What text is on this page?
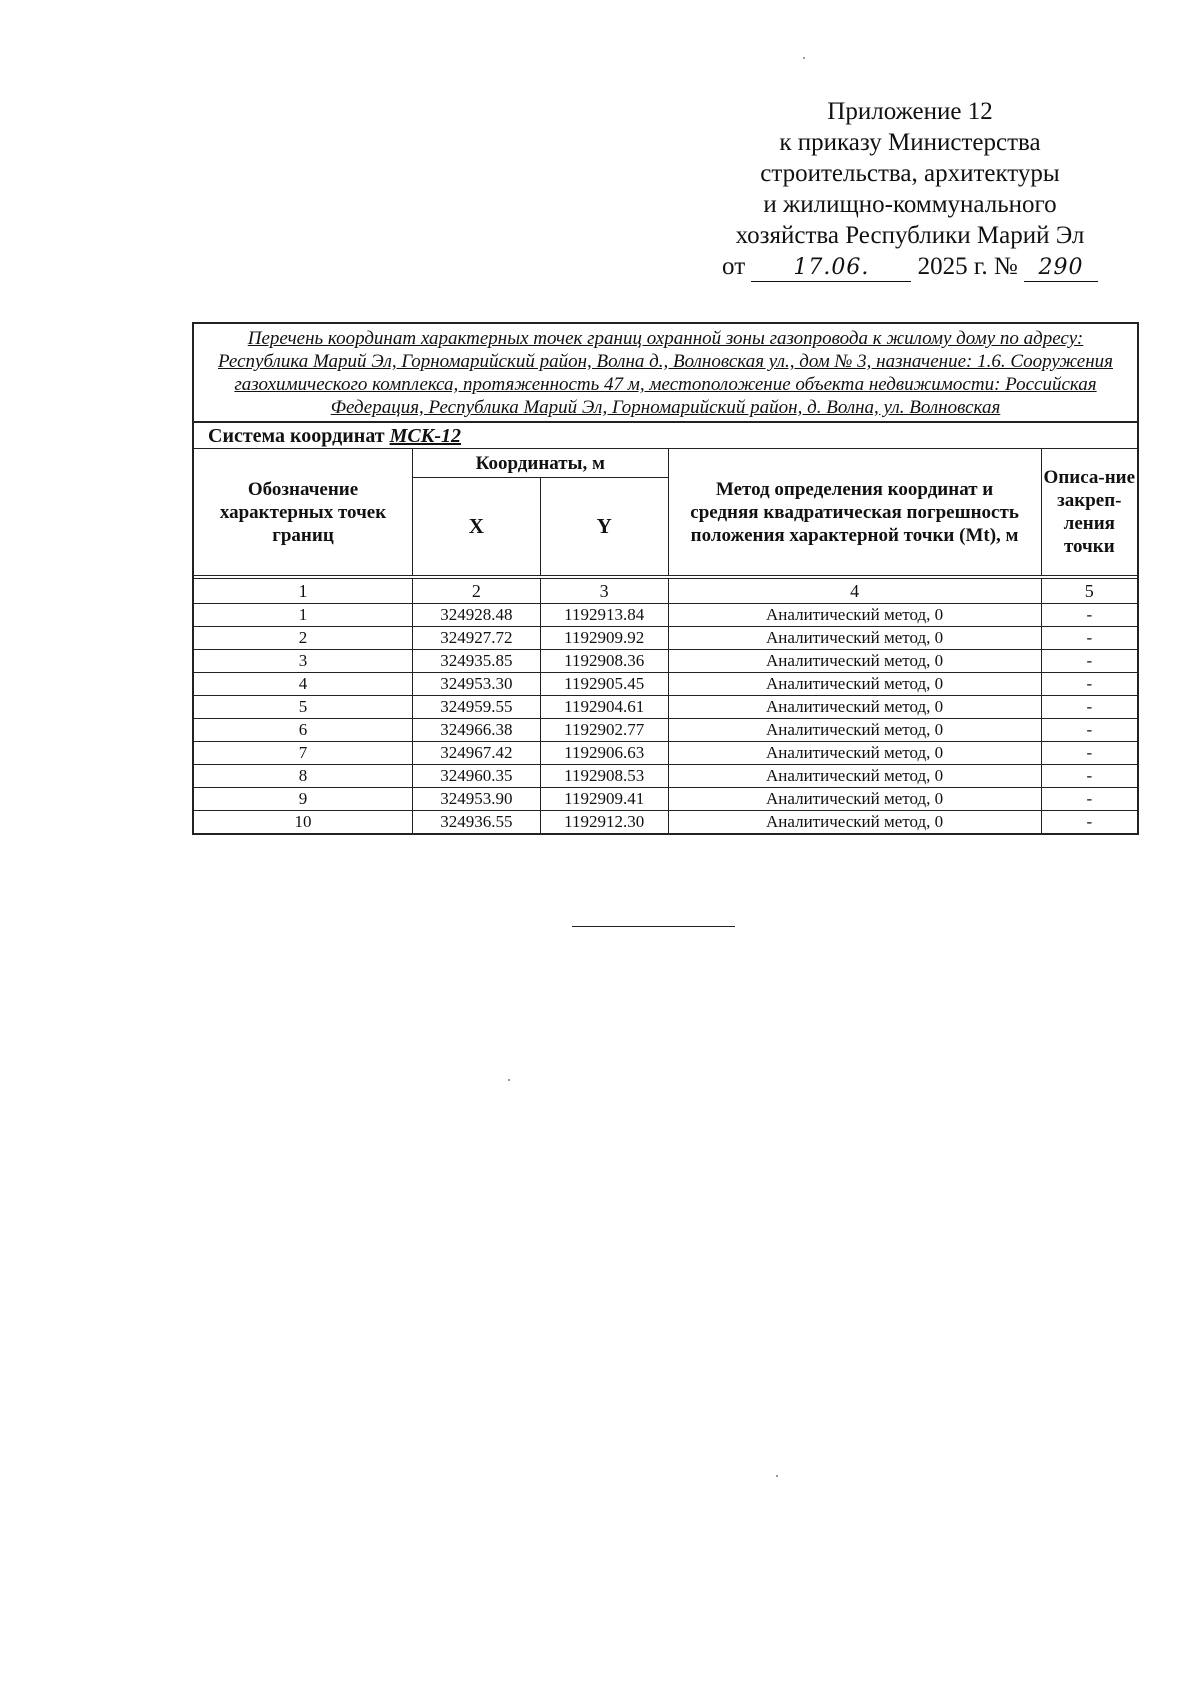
Приложение 12
к приказу Министерства
строительства, архитектуры
и жилищно-коммунального
хозяйства Республики Марий Эл
от 17.06. 2025 г. № 290
Перечень координат характерных точек границ охранной зоны газопровода к жилому дому по адресу: Республика Марий Эл, Горномарийский район, Волна д., Волновская ул., дом № 3, назначение: 1.6. Сооружения газохимического комплекса, протяженность 47 м, местоположение объекта недвижимости: Российская Федерация, Республика Марий Эл, Горномарийский район, д. Волна, ул. Волновская				
Система координат МСК-12				
Обозначение характерных точек границ	Координаты, м		Метод определения координат и средняя квадратическая погрешность положения характерной точки (Mt), м	Описа-ние закреп-ления точки
	X	Y		

1	2	3	4	5
1	324928.48	1192913.84	Аналитический метод, 0	-
2	324927.72	1192909.92	Аналитический метод, 0	-
3	324935.85	1192908.36	Аналитический метод, 0	-
4	324953.30	1192905.45	Аналитический метод, 0	-
5	324959.55	1192904.61	Аналитический метод, 0	-
6	324966.38	1192902.77	Аналитический метод, 0	-
7	324967.42	1192906.63	Аналитический метод, 0	-
8	324960.35	1192908.53	Аналитический метод, 0	-
9	324953.90	1192909.41	Аналитический метод, 0	-
10	324936.55	1192912.30	Аналитический метод, 0	-
